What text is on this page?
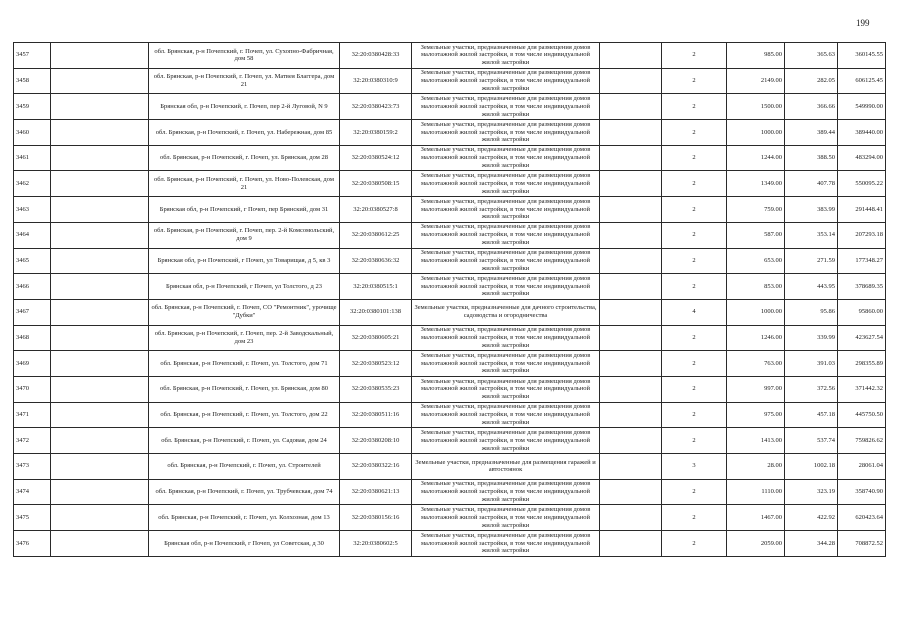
199
3457		обл. Брянская, р-н Почепский, г. Почеп, ул. Сухопно-Фабричная, дом 58	32:20:0380428:33	Земельные участки, предназначенные для размещения домов малоэтажной жилой застройки, в том числе индивидуальной жилой застройки		2	985.00	365.63	360145.55
3458		обл. Брянская, р-н Почепский, г. Почеп, ул. Матвея Благгера, дом 21	32:20:0380310:9	Земельные участки, предназначенные для размещения домов малоэтажной жилой застройки, в том числе индивидуальной жилой застройки		2	2149.00	282.05	606125.45
3459		Брянская обл, р-н Почепский, г. Почеп, пер 2-й Луговой, N 9	32:20:0380423:73	Земельные участки, предназначенные для размещения домов малоэтажной жилой застройки, в том числе индивидуальной жилой застройки		2	1500.00	366.66	549990.00
3460		обл. Брянская, р-н Почепский, г. Почеп, ул. Набережная, дом 85	32:20:0380159:2	Земельные участки, предназначенные для размещения домов малоэтажной жилой застройки, в том числе индивидуальной жилой застройки		2	1000.00	389.44	389440.00
3461		обл. Брянская, р-н Почепский, г. Почеп, ул. Брянская, дом 28	32:20:0380524:12	Земельные участки, предназначенные для размещения домов малоэтажной жилой застройки, в том числе индивидуальной жилой застройки		2	1244.00	388.50	483294.00
3462		обл. Брянская, р-н Почепский, г. Почеп, ул. Ново-Полевская, дом 21	32:20:0380508:15	Земельные участки, предназначенные для размещения домов малоэтажной жилой застройки, в том числе индивидуальной жилой застройки		2	1349.00	407.78	550095.22
3463		Брянская обл, р-н Почепский, г Почеп, пер Брянский, дом 31	32:20:0380527:8	Земельные участки, предназначенные для размещения домов малоэтажной жилой застройки, в том числе индивидуальной жилой застройки		2	759.00	383.99	291448.41
3464		обл. Брянская, р-н Почепский, г. Почеп, пер. 2-й Комсомольский, дом 9	32:20:0380612:25	Земельные участки, предназначенные для размещения домов малоэтажной жилой застройки, в том числе индивидуальной жилой застройки		2	587.00	353.14	207293.18
3465		Брянская обл, р-н Почепский, г Почеп, ул Товарищая, д 5, кв 3	32:20:0380636:32	Земельные участки, предназначенные для размещения домов малоэтажной жилой застройки, в том числе индивидуальной жилой застройки		2	653.00	271.59	177348.27
3466		Брянская обл, р-н Почепский, г Почеп, ул Толстого, д 23	32:20:0380515:1	Земельные участки, предназначенные для размещения домов малоэтажной жилой застройки, в том числе индивидуальной жилой застройки		2	853.00	443.95	378689.35
3467		обл. Брянская, р-н Почепский, г. Почеп, СО "Ремонтник", урочище "Дубки"	32:20:0380101:138	Земельные участки, предназначенные для дачного строительства, садоводства и огородничества		4	1000.00	95.86	95860.00
3468		обл. Брянская, р-н Почепский, г. Почеп, пер. 2-й Заводскальный, дом 23	32:20:0380605:21	Земельные участки, предназначенные для размещения домов малоэтажной жилой застройки, в том числе индивидуальной жилой застройки		2	1246.00	339.99	423627.54
3469		обл. Брянская, р-н Почепский, г. Почеп, ул. Толстого, дом 71	32:20:0380523:12	Земельные участки, предназначенные для размещения домов малоэтажной жилой застройки, в том числе индивидуальной жилой застройки		2	763.00	391.03	298355.89
3470		обл. Брянская, р-н Почепский, г. Почеп, ул. Брянская, дом 80	32:20:0380535:23	Земельные участки, предназначенные для размещения домов малоэтажной жилой застройки, в том числе индивидуальной жилой застройки		2	997.00	372.56	371442.32
3471		обл. Брянская, р-н Почепский, г. Почеп, ул. Толстого, дом 22	32:20:0380511:16	Земельные участки, предназначенные для размещения домов малоэтажной жилой застройки, в том числе индивидуальной жилой застройки		2	975.00	457.18	445750.50
3472		обл. Брянская, р-н Почепский, г. Почеп, ул. Садовая, дом 24	32:20:0380208:10	Земельные участки, предназначенные для размещения домов малоэтажной жилой застройки, в том числе индивидуальной жилой застройки		2	1413.00	537.74	759826.62
3473		обл. Брянская, р-н Почепский, г. Почеп, ул. Строителей	32:20:0380322:16	Земельные участки, предназначенные для размещения гаражей и автостоянок		3	28.00	1002.18	28061.04
3474		обл. Брянская, р-н Почепский, г. Почеп, ул. Трубчевская, дом 74	32:20:0380621:13	Земельные участки, предназначенные для размещения домов малоэтажной жилой застройки, в том числе индивидуальной жилой застройки		2	1110.00	323.19	358740.90
3475		обл. Брянская, р-н Почепский, г. Почеп, ул. Колхозная, дом 13	32:20:0380156:16	Земельные участки, предназначенные для размещения домов малоэтажной жилой застройки, в том числе индивидуальной жилой застройки		2	1467.00	422.92	620423.64
3476		Брянская обл, р-н Почепский, г Почеп, ул Советская, д 30	32:20:0380602:5	Земельные участки, предназначенные для размещения домов малоэтажной жилой застройки, в том числе индивидуальной жилой застройки		2	2059.00	344.28	708872.52
